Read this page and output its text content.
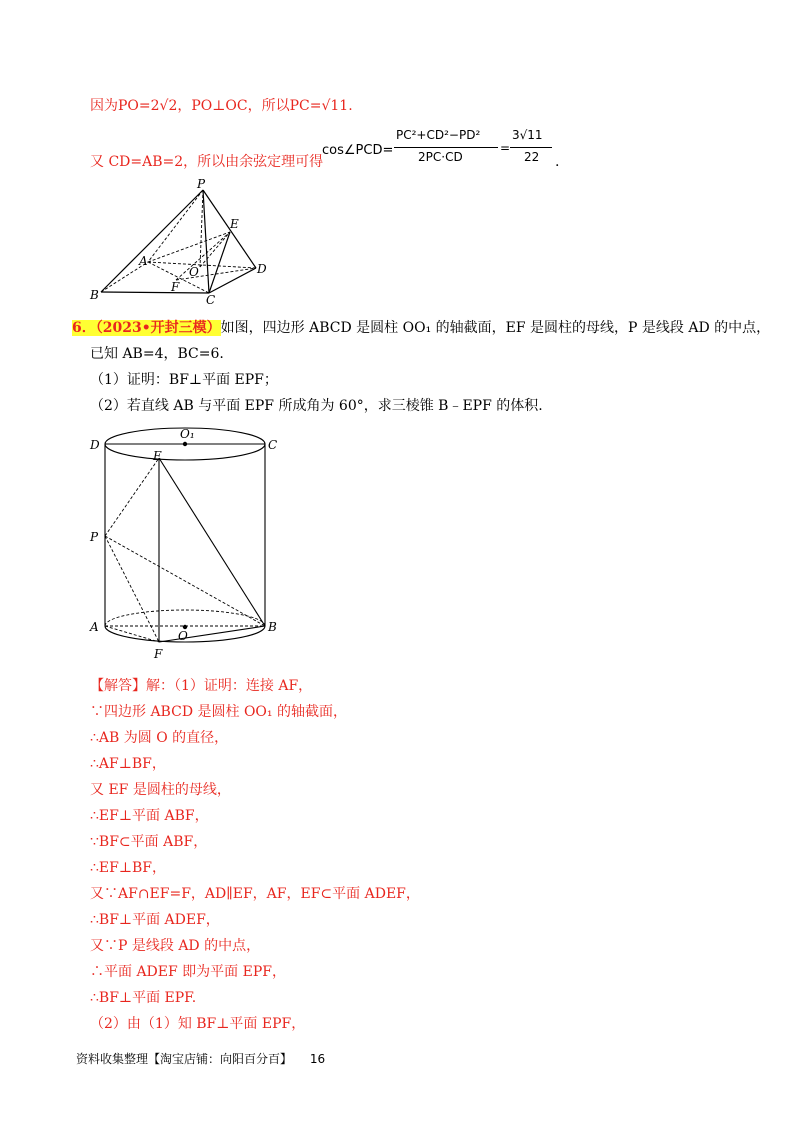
因为PO=2√2，PO⊥OC，所以PC=√11.
又 CD=AB=2，所以由余弦定理可得
cos∠PCD=
PC²+CD²−PD²
2PC·CD
=
3√11
22 .
P
E
A
O	D
B
F
C
6．（2023•开封三模）如图，四边形 ABCD 是圆柱 OO₁ 的轴截面，EF 是圆柱的母线，P 是线段 AD 的中点，
已知 AB=4，BC=6.
（1）证明：BF⊥平面 EPF；
（2）若直线 AB 与平面 EPF 所成角为 60°，求三棱锥 B﹣EPF 的体积.
D
O₁
C
E
P
A
O
B
F
【解答】解：（1）证明：连接 AF，
∵四边形 ABCD 是圆柱 OO₁ 的轴截面，
∴AB 为圆 O 的直径，
∴AF⊥BF，
又 EF 是圆柱的母线，
∴EF⊥平面 ABF，
∵BF⊂平面 ABF，
∴EF⊥BF，
又∵AF∩EF=F，AD∥EF，AF，EF⊂平面 ADEF，
∴BF⊥平面 ADEF，
又∵P 是线段 AD 的中点，
∴平面 ADEF 即为平面 EPF，
∴BF⊥平面 EPF.
（2）由（1）知 BF⊥平面 EPF，
资料收集整理【淘宝店铺：向阳百分百】 16
